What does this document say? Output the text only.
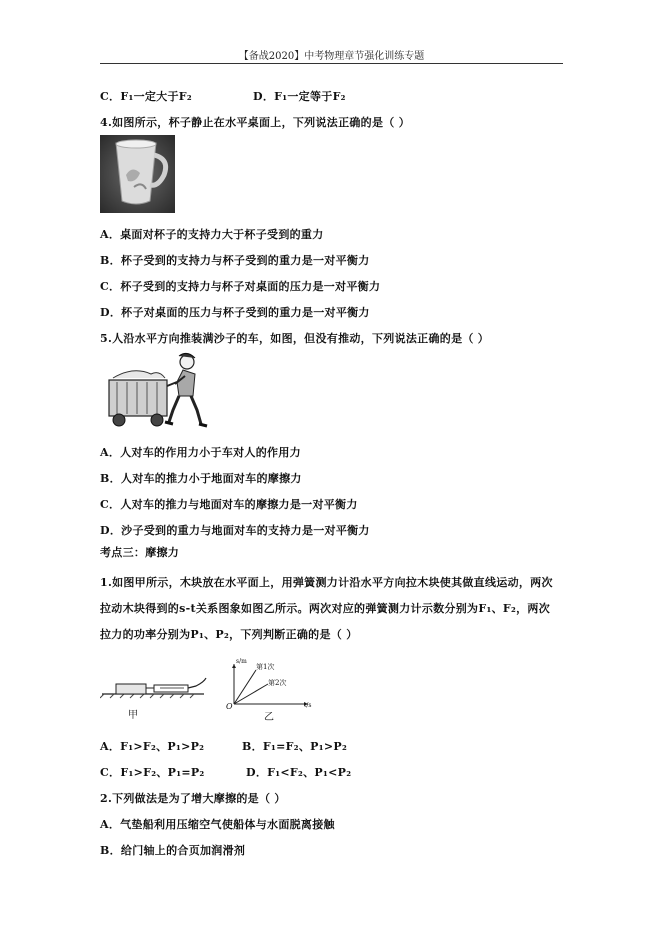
【备战2020】中考物理章节强化训练专题
C．F₁一定大于F₂	D．F₁一定等于F₂
4.如图所示，杯子静止在水平桌面上，下列说法正确的是（ ）
A．桌面对杯子的支持力大于杯子受到的重力
B．杯子受到的支持力与杯子受到的重力是一对平衡力
C．杯子受到的支持力与杯子对桌面的压力是一对平衡力
D．杯子对桌面的压力与杯子受到的重力是一对平衡力
5.人沿水平方向推装满沙子的车，如图，但没有推动，下列说法正确的是（ ）
A．人对车的作用力小于车对人的作用力
B．人对车的推力小于地面对车的摩擦力
C．人对车的推力与地面对车的摩擦力是一对平衡力
D．沙子受到的重力与地面对车的支持力是一对平衡力
考点三：摩擦力
1.如图甲所示，木块放在水平面上，用弹簧测力计沿水平方向拉木块使其做直线运动，两次
拉动木块得到的s-t关系图象如图乙所示。两次对应的弹簧测力计示数分别为F₁、F₂，两次
拉力的功率分别为P₁、P₂，下列判断正确的是（ ）
甲
s/m
第1次
第2次
O	t/s
乙
A．F₁>F₂、P₁>P₂	B．F₁=F₂、P₁>P₂
C．F₁>F₂、P₁=P₂	D．F₁<F₂、P₁<P₂
2.下列做法是为了增大摩擦的是（ ）
A．气垫船利用压缩空气使船体与水面脱离接触
B．给门轴上的合页加润滑剂
